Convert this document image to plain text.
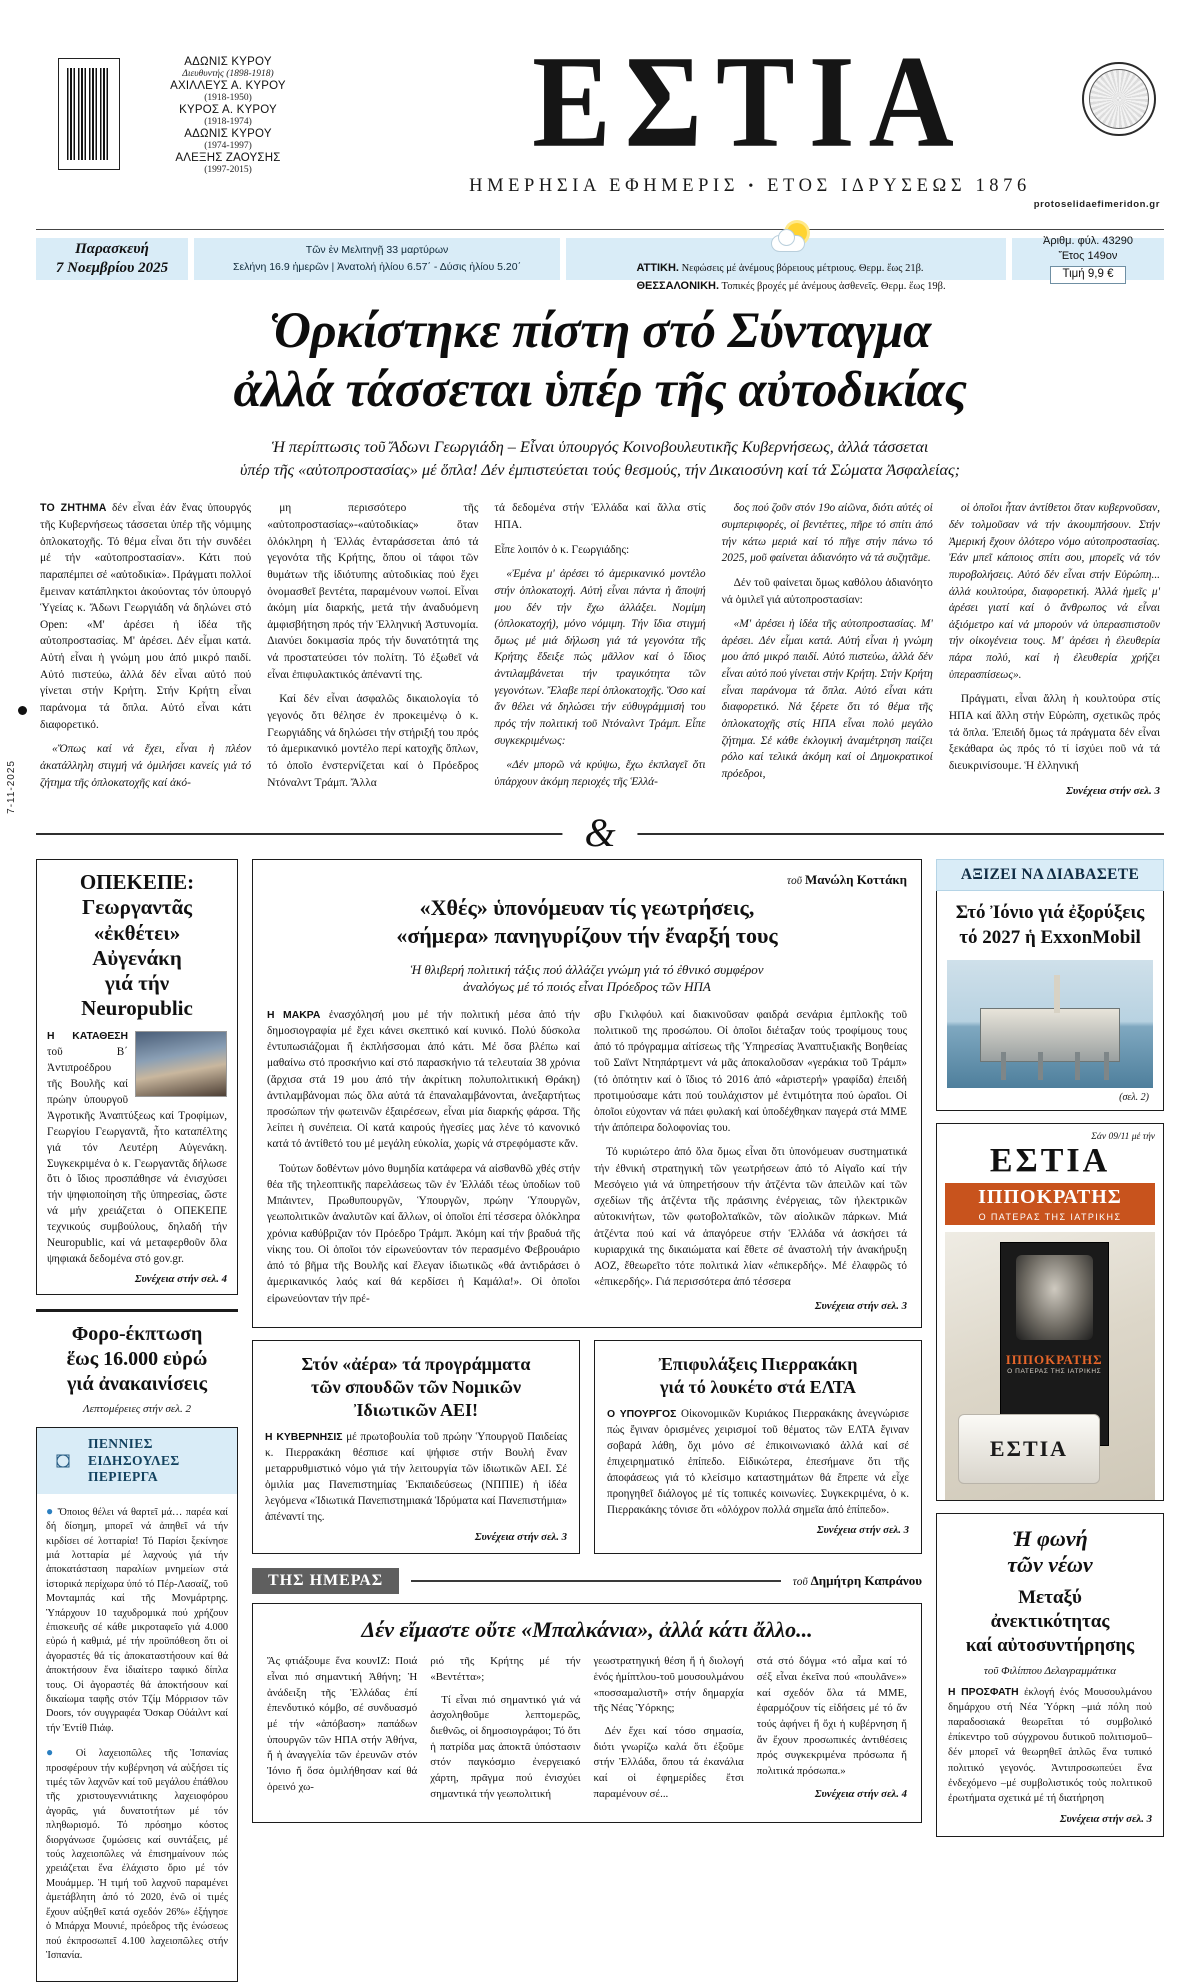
ΑΔΩΝΙΣ ΚΥΡΟΥ
Διευθυντής (1898-1918)
ΑΧΙΛΛΕΥΣ Α. ΚΥΡΟΥ
(1918-1950)
ΚΥΡΟΣ Α. ΚΥΡΟΥ
(1918-1974)
ΑΔΩΝΙΣ ΚΥΡΟΥ
(1974-1997)
ΑΛΕΞΗΣ ΖΑΟΥΣΗΣ
(1997-2015)	ΕΣΤΙΑ
ΗΜΕΡΗΣΙΑ ΕΦΗΜΕΡΙΣ • ΕΤΟΣ ΙΔΡΥΣΕΩΣ 1876
protoselidaefimeridon.gr
Παρασκευή
7 Νοεμβρίου 2025
Τῶν ἐν Μελιτηνῇ 33 μαρτύρων
Σελήνη 16.9 ἡμερῶν | Ἀνατολή ἡλίου 6.57΄ - Δύσις ἡλίου 5.20΄	ΑΤΤΙΚΗ. Νεφώσεις μέ ἀνέμους βόρειους μέτριους. Θερμ. ἕως 21β.
ΘΕΣΣΑΛΟΝΙΚΗ. Τοπικές βροχές μέ ἀνέμους ἀσθενεῖς. Θερμ. ἕως 19β.
Ἀριθμ. φύλ. 43290
Ἔτος 149ον
Τιμή 9,9 €
Ὁρκίστηκε πίστη στό Σύνταγμα
ἀλλά τάσσεται ὑπέρ τῆς αὐτοδικίας
Ἡ περίπτωσις τοῦ Ἄδωνι Γεωργιάδη – Εἶναι ὑπουργός Κοινοβουλευτικῆς Κυβερνήσεως, ἀλλά τάσσεται
ὑπέρ τῆς «αὐτοπροστασίας» μέ ὅπλα! Δέν ἐμπιστεύεται τούς θεσμούς, τήν Δικαιοσύνη καί τά Σώματα Ἀσφαλείας;

ΤΟ ΖΗΤΗΜΑ δέν εἶναι ἐάν ἕνας ὑπουργός τῆς Κυβερνήσεως τάσσεται ὑπέρ τῆς νόμιμης ὁπλοκατοχῆς. Τό θέμα εἶναι ὅτι τήν συνδέει μέ τήν «αὐτοπροστασίαν». Κάτι πού παραπέμπει σέ «αὐτοδικία». Πράγματι πολλοί ἔμειναν κατάπληκτοι ἀκούοντας τόν ὑπουργό Ὑγείας κ. Ἄδωνι Γεωργιάδη νά δηλώνει στό Open: «Μ' ἀρέσει ἡ ἰδέα τῆς αὐτοπροστασίας. Μ' ἀρέσει. Δέν εἶμαι κατά. Αὐτή εἶναι ἡ γνώμη μου ἀπό μικρό παιδί. Αὐτό πιστεύω, ἀλλά δέν εἶναι αὐτό πού γίνεται στήν Κρήτη. Στήν Κρήτη εἶναι παράνομα τά ὅπλα. Αὐτό εἶναι κάτι διαφορετικό.

«Ὅπως καί νά ἔχει, εἶναι ἡ πλέον ἀκατάλληλη στιγμή νά ὁμιλήσει κανείς γιά τό ζήτημα τῆς ὁπλοκατοχῆς καί ἀκό-

μη περισσότερο τῆς «αὐτοπροστασίας»-«αὐτοδικίας» ὅταν ὁλόκληρη ἡ Ἑλλάς ἐνταράσσεται ἀπό τά γεγονότα τῆς Κρήτης, ὅπου οἱ τάφοι τῶν θυμάτων τῆς ἰδιότυπης αὐτοδικίας πού ἔχει ὀνομασθεῖ βεντέτα, παραμένουν νωποί. Εἶναι ἀκόμη μία διαρκής, μετά τήν ἀναδυόμενη ἀμφισβήτηση πρός τήν Ἑλληνική Ἀστυνομία. Διανύει δοκιμασία πρός τήν δυνατότητά της νά προστατεύσει τόν πολίτη. Τό ἐξωθεῖ νά εἶναι ἐπιφυλακτικός ἀπέναντί της.

Καί δέν εἶναι ἀσφαλῶς δικαιολογία τό γεγονός ὅτι θέλησε ἐν προκειμένῳ ὁ κ. Γεωργιάδης νά δηλώσει τήν στήριξή του πρός τό ἀμερικανικό μοντέλο περί κατοχῆς ὅπλων, τό ὁποῖο ἐνστερνίζεται καί ὁ Πρόεδρος Ντόναλντ Τράμπ. Ἄλλα

τά δεδομένα στήν Ἑλλάδα καί ἄλλα στίς ΗΠΑ.

Εἶπε λοιπόν ὁ κ. Γεωργιάδης:

«Ἐμένα μ' ἀρέσει τό ἀμερικανικό μοντέλο στήν ὁπλοκατοχή. Αὐτή εἶναι πάντα ἡ ἄποψή μου δέν τήν ἔχω ἀλλάξει. Νομίμη (ὁπλοκατοχή), μόνο νόμιμη. Τήν ἴδια στιγμή ὅμως μέ μιά δήλωση γιά τά γεγονότα τῆς Κρήτης ἔδειξε πώς μᾶλλον καί ὁ ἴδιος ἀντιλαμβάνεται τήν τραγικότητα τῶν γεγονότων. Ἔλαβε περί ὁπλοκατοχῆς. Ὅσο καί ἄν θέλει νά δηλώσει τήν εὐθυγράμμισή του πρός τήν πολιτική τοῦ Ντόναλντ Τράμπ. Εἶπε συγκεκριμένως:

«Δέν μπορῶ νά κρύψω, ἔχω ἐκπλαγεῖ ὅτι ὑπάρχουν ἀκόμη περιοχές τῆς Ἑλλά-

δος πού ζοῦν στόν 19ο αἰῶνα, διότι αὐτές οἱ συμπεριφορές, οἱ βεντέττες, πῆρε τό σπίτι ἀπό τήν κάτω μεριά καί τό πῆγε στήν πάνω τό 2025, μοῦ φαίνεται ἀδιανόητο νά τά συζητᾶμε.

Δέν τοῦ φαίνεται ὅμως καθόλου ἀδιανόητο νά ὁμιλεῖ γιά αὐτοπροστασίαν:

«Μ' ἀρέσει ἡ ἰδέα τῆς αὐτοπροστασίας. Μ' ἀρέσει. Δέν εἶμαι κατά. Αὐτή εἶναι ἡ γνώμη μου ἀπό μικρό παιδί. Αὐτό πιστεύω, ἀλλά δέν εἶναι αὐτό πού γίνεται στήν Κρήτη. Στήν Κρήτη εἶναι παράνομα τά ὅπλα. Αὐτό εἶναι κάτι διαφορετικό. Νά ξέρετε ὅτι τό θέμα τῆς ὁπλοκατοχῆς στίς ΗΠΑ εἶναι πολύ μεγάλο ζήτημα. Σέ κάθε ἐκλογική ἀναμέτρηση παίζει ρόλο καί τελικά ἀκόμη καί οἱ Δημοκρατικοί πρόεδροι,

οἱ ὁποῖοι ἦταν ἀντίθετοι ὅταν κυβερνοῦσαν, δέν τολμοῦσαν νά τήν ἀκουμπήσουν. Στήν Ἀμερική ἔχουν ὁλότερο νόμο αὐτοπροστασίας. Ἐάν μπεῖ κάποιος σπίτι σου, μπορεῖς νά τόν πυροβολήσεις. Αὐτό δέν εἶναι στήν Εὐρώπη... ἀλλά κουλτούρα, διαφορετική. Ἀλλά ἡμεῖς μ' ἀρέσει γιατί καί ὁ ἄνθρωπος νά εἶναι ἀξιόμετρο καί νά μπορούν νά ὑπερασπιστοῦν τήν οἰκογένεια τους. Μ' ἀρέσει ἡ ἐλευθερία πάρα πολύ, καί ἡ ἐλευθερία χρήζει ὑπερασπίσεως».

Πράγματι, εἶναι ἄλλη ἡ κουλτούρα στίς ΗΠΑ καί ἄλλη στήν Εὐρώπη, σχετικῶς πρός τά ὅπλα. Ἐπειδή ὅμως τά πράγματα δέν εἶναι ξεκάθαρα ὡς πρός τό τί ἰσχύει ποῦ νά τά διευκρινίσουμε. Ἡ ἑλληνική

Συνέχεια στήν σελ. 3
&
7-11-2025
ΟΠΕΚΕΠΕ:
Γεωργαντᾶς
«ἐκθέτει» Αὐγενάκη
γιά τήν Neuropublic
Η ΚΑΤΑΘΕΣΗ τοῦ Β΄ Ἀντιπροέδρου τῆς Βουλῆς καί πρώην ὑπουργοῦ Ἀγροτικῆς Ἀναπτύξεως καί Τροφίμων, Γεωργίου Γεωργαντᾶ, ἦτο καταπέλτης γιά τόν Λευτέρη Αὐγενάκη. Συγκεκριμένα ὁ κ. Γεωργαντᾶς δήλωσε ὅτι ὁ ἴδιος προσπάθησε νά ἐνισχύσει τήν ψηφιοποίηση τῆς ὑπηρεσίας, ὥστε νά μήν χρειάζεται ὁ ΟΠΕΚΕΠΕ τεχνικούς συμβούλους, δηλαδή τήν Neuropublic, καί νά μεταφερθοῦν ὅλα ψηφιακά δεδομένα στό gov.gr.
Συνέχεια στήν σελ. 4
Φορο-έκπτωση
ἕως 16.000 εὐρώ
γιά ἀνακαινίσεις
Λεπτομέρειες στήν σελ. 2
ΠΕΝΝΙΕΣ
ΕΙΔΗΣΟΥΛΕΣ
ΠΕΡΙΕΡΓΑ

● Ὅποιος θέλει νά θαρτεῖ μά… παρέα καί δή δίσημη, μπορεῖ νά ἀπηθεῖ νά τήν κιρδίσει σέ λοτταρία! Τό Παρίσι ξεκίνησε μιά λοτταρία μέ λαχνούς γιά τήν ἀποκατάσταση παραλίων μνημείων στά ἱστορικά περίχωρα ὑπό τό Πέρ-Λασαίζ, τοῦ Μονταμπάς καί τῆς Μονμάρτρης. Ὑπάρχουν 10 ταχυδρομικά πού χρήζουν ἐπισκευῆς σέ κάθε μικροταφεῖο γιά 4.000 εὐρώ ἡ καθμιά, μέ τήν προϋπόθεση ὅτι οἱ ἀγοραστές θά τίς ἀποκαταστήσουν καί θά ἀποκτήσουν ἕνα ἰδιαίτερο ταφικό δίπλα τους. Οἱ ἀγοραστές θά ἀποκτήσουν καί δικαίωμα ταφῆς στόν Τζίμ Μόρρισον τῶν Doors, τόν συγγραφέα Ὄσκαρ Οὐάιλντ καί τήν Ἐντίθ Πιάφ.

● Οἱ λαχειοπῶλες τῆς Ἱσπανίας προσφέρουν τήν κυβέρνηση νά αὐξήσει τίς τιμές τῶν λαχνῶν καί τοῦ μεγάλου ἐπάθλου τῆς χριστουγεννιάτικης λαχειοφόρου ἀγορᾶς, γιά δυνατοτήτων μέ τόν πληθωρισμό. Τό πρόσημο κόστος διοργάνωσε ζυμώσεις καί συντάξεις, μέ τούς λαχειοπῶλες νά ἐπισημαίνουν πώς χρειάζεται ἕνα ἐλάχιστο ὅριο μέ τόν Μουάμμερ. Ἡ τιμή τοῦ λαχνοῦ παραμένει ἀμετάβλητη ἀπό τό 2020, ἐνῶ οἱ τιμές ἔχουν αὐξηθεῖ κατά σχεδόν 26%» ἐξήγησε ὁ Μπάρχα Μουνιέ, πρόεδρος τῆς ἑνώσεως πού ἐκπροσωπεῖ 4.100 λαχειοπῶλες στήν Ἱσπανία.

τοῦ Μανώλη Κοττάκη
«Χθές» ὑπονόμευαν τίς γεωτρήσεις,
«σήμερα» πανηγυρίζουν τήν ἔναρξή τους
Ἡ θλιβερή πολιτική τάξις πού ἀλλάζει γνώμη γιά τό ἐθνικό συμφέρον
ἀναλόγως μέ τό ποιός εἶναι Πρόεδρος τῶν ΗΠΑ

Η ΜΑΚΡΑ ἐνασχόλησή μου μέ τήν πολιτική μέσα ἀπό τήν δημοσιογραφία μέ ἔχει κάνει σκεπτικό καί κυνικό. Πολύ δύσκολα ἐντυπωσιάζομαι ἤ ἐκπλήσσομαι ἀπό κάτι. Μέ ὅσα βλέπω καί μαθαίνω στό προσκήνιο καί στό παρασκήνιο τά τελευταία 38 χρόνια (ἄρχισα στά 19 μου ἀπό τήν ἀκρίτικη πολυπολιτικική Θράκη) ἀντιλαμβάνομαι πώς ὅλα αὐτά τά ἐπαναλαμβάνονται, ἀνεξαρτήτως προσώπων τήν φωτεινῶν ἐξαιρέσεων, εἶναι μία διαρκής φάρσα. Τῆς λείπει ἡ συνέπεια. Οἱ κατά καιρούς ἡγεσίες μας λένε τό κανονικό κατά τό ἀντίθετό του μέ μεγάλη εὐκολία, χωρίς νά στρεφόμαστε κἄν.

Τούτων δοθέντων μόνο θυμηδία κατάφερα νά αἰσθανθῶ χθές στήν θέα τῆς τηλεοπτικῆς παρελάσεως τῶν ἐν Ἑλλάδι τέως ὑποδίων τοῦ Μπάιντεν, Πρωθυπουργῶν, Ὑπουργῶν, πρώην Ὑπουργῶν, γεωπολιτικῶν ἀναλυτῶν καί ἄλλων, οἱ ὁποῖοι ἐπί τέσσερα ὁλόκληρα χρόνια καθύβριζαν τόν Πρόεδρο Τράμπ. Ἀκόμη καί τήν βραδυά τῆς νίκης του. Οἱ ὁποῖοι τόν εἰρωνεύονταν τόν περασμένο Φεβρουάριο ἀπό τό βῆμα τῆς Βουλῆς καί ἔλεγαν ἰδιωτικῶς «θά ἀντιδράσει ὁ ἀμερικανικός λαός καί θά κερδίσει ἡ Καμάλα!». Οἱ ὁποῖοι εἰρωνεύονταν τήν πρέ-

σβυ Γκιλφόυλ καί διακινοῦσαν φαιδρά σενάρια ἐμπλοκῆς τοῦ πολιτικοῦ της προσώπου. Οἱ ὁποῖοι διέταξαν τούς τροφίμους τους ἀπό τό πρόγραμμα αἰτίσεως τῆς Ὑπηρεσίας Ἀναπτυξιακῆς Βοηθείας τοῦ Σαϊντ Ντηπάρτμεντ νά μᾶς ἀποκαλοῦσαν «γεράκια τοῦ Τράμπ» (τό ὁπότητιν καί ὁ ἴδιος τό 2016 ἀπό «ἀριστερή» γραφίδα) ἐπειδή προτιμούσαμε κάτι πού τουλάχιστον μέ ἐντιμότητα πού ὡραῖοι. Οἱ ὁποῖοι εὐχονταν νά πάει φυλακή καί ὑποδέχθηκαν παγερά στά ΜΜΕ τήν ἀπόπειρα δολοφονίας του.

Τό κυριώτερο ἀπό ὅλα ὅμως εἶναι ὅτι ὑπονόμευαν συστηματικά τήν ἐθνική στρατηγική τῶν γεωτρήσεων ἀπό τό Αἰγαῖο καί τήν Μεσόγειο γιά νά ὑπηρετήσουν τήν ἀτζέντα τῶν ἀπειλῶν καί τῶν σχεδίων τῆς ἀτζέντα τῆς πράσινης ἐνέργειας, τῶν ἠλεκτρικῶν αὐτοκινήτων, τῶν φωτοβολταϊκῶν, τῶν αἰολικῶν πάρκων. Μιά ἀτζέντα πού καί νά ἀπαγόρευε στήν Ἑλλάδα νά ἀσκήσει τά κυριαρχικά της δικαιώματα καί ἔθετε σέ ἀναστολή τήν ἀνακήρυξη ΑΟΖ, ἔθεωρεῖτο τότε πολιτικά λίαν «ἐπικερδής». Μέ ἐλαφρῶς τό «ἐπικερδής». Γιά περισσότερα ἀπό τέσσερα

Συνέχεια στήν σελ. 3
Στόν «ἀέρα» τά προγράμματα
τῶν σπουδῶν τῶν Νομικῶν
Ἰδιωτικῶν ΑΕΙ!
Η ΚΥΒΕΡΝΗΣΙΣ μέ πρωτοβουλία τοῦ πρώην Ὑπουργοῦ Παιδείας κ. Πιερρακάκη θέσπισε καί ψήφισε στήν Βουλή ἕναν μεταρρυθμιστικό νόμο γιά τήν λειτουργία τῶν ἰδιωτικῶν ΑΕΙ. Σέ ὁμιλία μας Πανεπιστημίας Ἐκπαιδεύσεως (ΝΠΠΙΕ) ἡ ἰδέα λεγόμενα «Ἰδιωτικά Πανεπιστημιακά Ἱδρύματα καί Πανεπιστήμια» ἀπέναντί της.
Συνέχεια στήν σελ. 3
Ἐπιφυλάξεις Πιερρακάκη
γιά τό λουκέτο στά ΕΛΤΑ
Ο ΥΠΟΥΡΓΟΣ Οἰκονομικῶν Κυριάκος Πιερρακάκης ἀνεγνώρισε πώς ἔγιναν ὁρισμένες χειρισμοί τοῦ θέματος τῶν ΕΛΤΑ ἔγιναν σοβαρά λάθη, ὄχι μόνο σέ ἐπικοινωνιακό ἀλλά καί σέ ἐπιχειρηματικό ἐπίπεδο. Εἰδικώτερα, ἐπεσήμανε ὅτι τῆς ἀποφάσεως γιά τό κλείσιμο καταστημάτων θά ἔπρεπε νά εἶχε προηγηθεῖ διάλογος μέ τίς τοπικές κοινωνίες. Συγκεκριμένα, ὁ κ. Πιερρακάκης τόνισε ὅτι «ὁλόχρον πολλά σημεῖα ἀπό ἐπίπεδο».
Συνέχεια στήν σελ. 3
ΤΗΣ ΗΜΕΡΑΣ	τοῦ Δημήτρη Καπράνου
Δέν εἴμαστε οὔτε «Μπαλκάνια», ἀλλά κάτι ἄλλο...

Ἄς φτιάξουμε ἕνα κουνΙΖ: Ποιά εἶναι πιό σημαντική Ἀθήνη; Ἡ ἀνάδειξη τῆς Ἑλλάδας ἐπί ἐπενδυτικό κόμβο, σέ συνδυασμό μέ τήν «ἀπόβαση» παπάδων ὑπουργῶν τῶν ΗΠΑ στήν Ἀθήνα, ἤ ἡ ἀναγγελία τῶν ἐρευνῶν στόν Ἰόνιο ἤ ὅσα ὁμιλήθησαν καί θά ὁρεινό χω-

ριό τῆς Κρήτης μέ τήν «Βεντέττα»;

Τί εἶναι πιό σημαντικό γιά νά ἀσχοληθοῦμε λεπτομερῶς, διεθνῶς, οἱ δημοσιογράφοι; Τό ὅτι ἡ πατρίδα μας ἀποκτᾶ ὑπόστασιν στόν παγκόσμιο ἐνεργειακό χάρτη, πρᾶγμα πού ἐνισχύει σημαντικά τήν γεωπολιτική

γεωστρατηγική θέση ἤ ἡ διολογή ἑνός ἡμίπτλου-τοῦ μουσουλμάνου «ποσσαμαλιστῆ» στήν δημαρχία τῆς Νέας Ὑόρκης;

Δέν ἔχει καί τόσο σημασία, διότι γνωρίζω καλά ὅτι ἐξοῦμε στήν Ἑλλάδα, ὅπου τά ἐκανάλια καί οἱ ἐφημερίδες ἔτσι παραμένουν σέ...

στά στό δόγμα «τό αἷμα καί τό σέξ εἶναι ἐκεῖνα πού «πουλᾶνε»» καί σχεδόν ὅλα τά ΜΜΕ, ἐφαρμόζουν τίς εἰδήσεις μέ τό ἄν τούς ἀφήνει ἤ ὄχι ἡ κυβέρνηση ἤ ἄν ἔχουν προσωπικές ἀντιθέσεις πρός συγκεκριμένα πρόσωπα ἤ πολιτικά πρόσωπα.»

Συνέχεια στήν σελ. 4
ΑΞΙΖΕΙ ΝΑ ΔΙΑΒΑΣΕΤΕ
Στό Ἰόνιο γιά ἐξορύξεις
τό 2027 ἡ ExxonMobil
(σελ. 2)
Σάν 09/11 μέ τήν
ΕΣΤΙΑ
ΙΠΠΟΚΡΑΤΗΣ
Ο ΠΑΤΕΡΑΣ ΤΗΣ ΙΑΤΡΙΚΗΣ
ΙΠΠΟΚΡΑΤΗΣ
Ο ΠΑΤΕΡΑΣ ΤΗΣ ΙΑΤΡΙΚΗΣ
ΕΣΤΙΑ
Ἡ φωνή
τῶν νέων
Μεταξύ
ἀνεκτικότητας
καί αὐτοσυντήρησης
τοῦ Φιλίππου Δελαγραμμάτικα

Η ΠΡΟΣΦΑΤΗ ἐκλογή ἑνός Μουσουλμάνου δημάρχου στή Νέα Ὑόρκη –μιά πόλη ποὐ παραδοσιακά θεωρεῖται τό συμβολικό ἐπίκεντρο τοῦ σύγχρονου δυτικοῦ πολιτισμοῦ– δέν μπορεῖ νά θεωρηθεῖ ἁπλῶς ἕνα τυπικό πολιτικό γεγονός. Ἀντιπροσωπεύει ἕνα ἐνδεχόμενο –μέ συμβολιστικός τοὐς πολιτικοῦ ἐρωτήματα σχετικά μέ τή διατήρηση

Συνέχεια στήν σελ. 3
